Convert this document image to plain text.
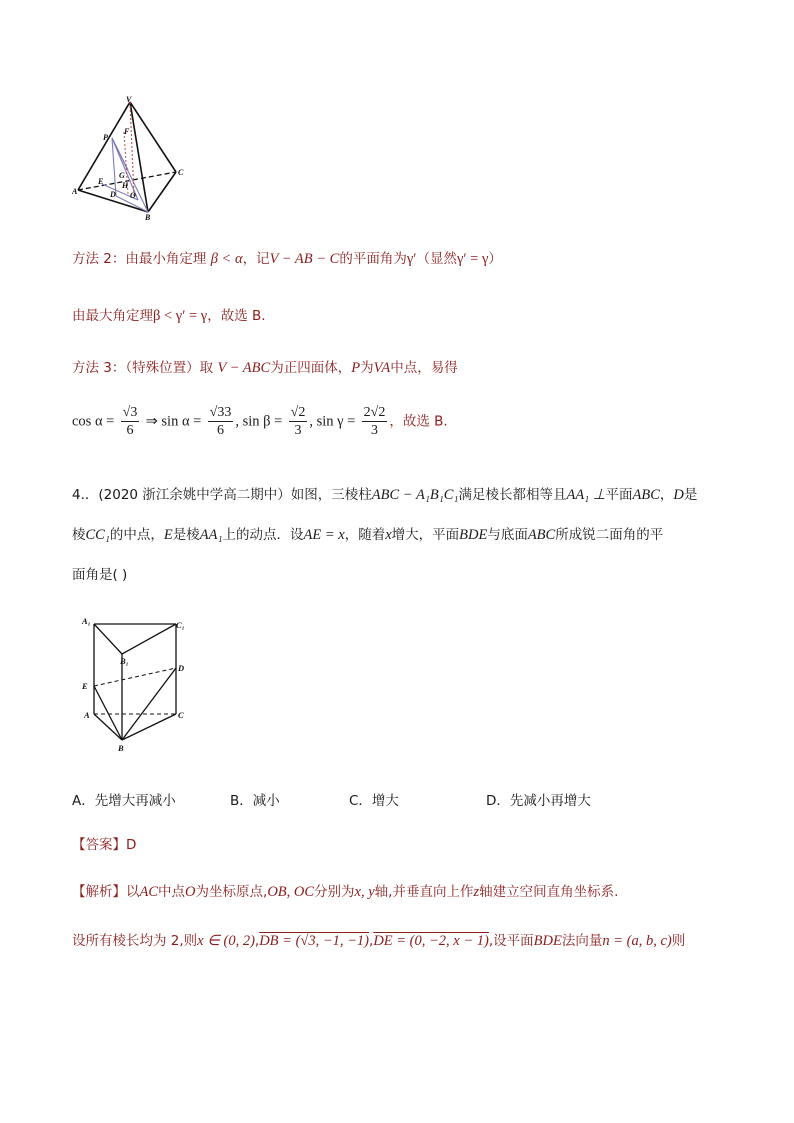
V
P
F
C
A
E
G
D
H
O
B
方法 2：由最小角定理 β < α，记V − AB − C的平面角为γ′（显然γ′ = γ）
由最大角定理β < γ′ = γ，故选 B.
方法 3：（特殊位置）取 V − ABC为正四面体，P为VA中点，易得
$\cos \alpha = \frac{√3}{6}$ ⇒ $\sin \alpha = \frac{√33}{6}$ , $\sin \beta = \frac{√2}{3}$ , $\sin \gamma = \frac{2√2}{3}$ ，故选 B.
4.．(2020 浙江余姚中学高二期中）如图，三棱柱ABC − A₁B₁C₁满足棱长都相等且AA₁ ⊥平面ABC，D是
棱CC₁的中点，E是棱AA₁上的动点．设AE = x，随着x增大，平面BDE与底面ABC所成锐二面角的平
面角是( )
A₁	C₁
B₁
D
E
A	C
B
A．先增大再减小	B．减小	C．增大	D．先减小再增大
【答案】D
【解析】以AC中点O为坐标原点,OB, OC分别为x, y轴,并垂直向上作z轴建立空间直角坐标系.
设所有棱长均为 2,则x ∈ (0, 2),DB = (√3, −1, −1),DE = (0, −2, x − 1),设平面BDE法向量n = (a, b, c)则
